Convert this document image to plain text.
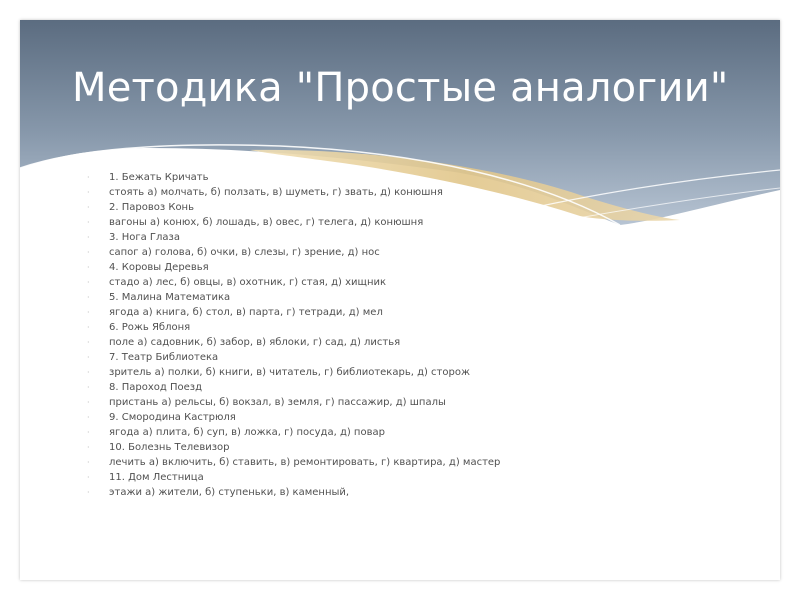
Методика "Простые аналогии"
· 1. Бежать Кричать
· стоять а) молчать, б) ползать, в) шуметь, г) звать, д) конюшня
· 2. Паровоз Конь
· вагоны а) конюх, б) лошадь, в) овес, г) телега, д) конюшня
· 3. Нога Глаза
· сапог а) голова, б) очки, в) слезы, г) зрение, д) нос
· 4. Коровы Деревья
· стадо а) лес, б) овцы, в) охотник, г) стая, д) хищник
· 5. Малина Математика
· ягода а) книга, б) стол, в) парта, г) тетради, д) мел
· 6. Рожь Яблоня
· поле а) садовник, б) забор, в) яблоки, г) сад, д) листья
· 7. Театр Библиотека
· зритель а) полки, б) книги, в) читатель, г) библиотекарь, д) сторож
· 8. Пароход Поезд
· пристань а) рельсы, б) вокзал, в) земля, г) пассажир, д) шпалы
· 9. Смородина Кастрюля
· ягода а) плита, б) суп, в) ложка, г) посуда, д) повар
· 10. Болезнь Телевизор
· лечить а) включить, б) ставить, в) ремонтировать, г) квартира, д) мастер
· 11. Дом Лестница
· этажи а) жители, б) ступеньки, в) каменный,
